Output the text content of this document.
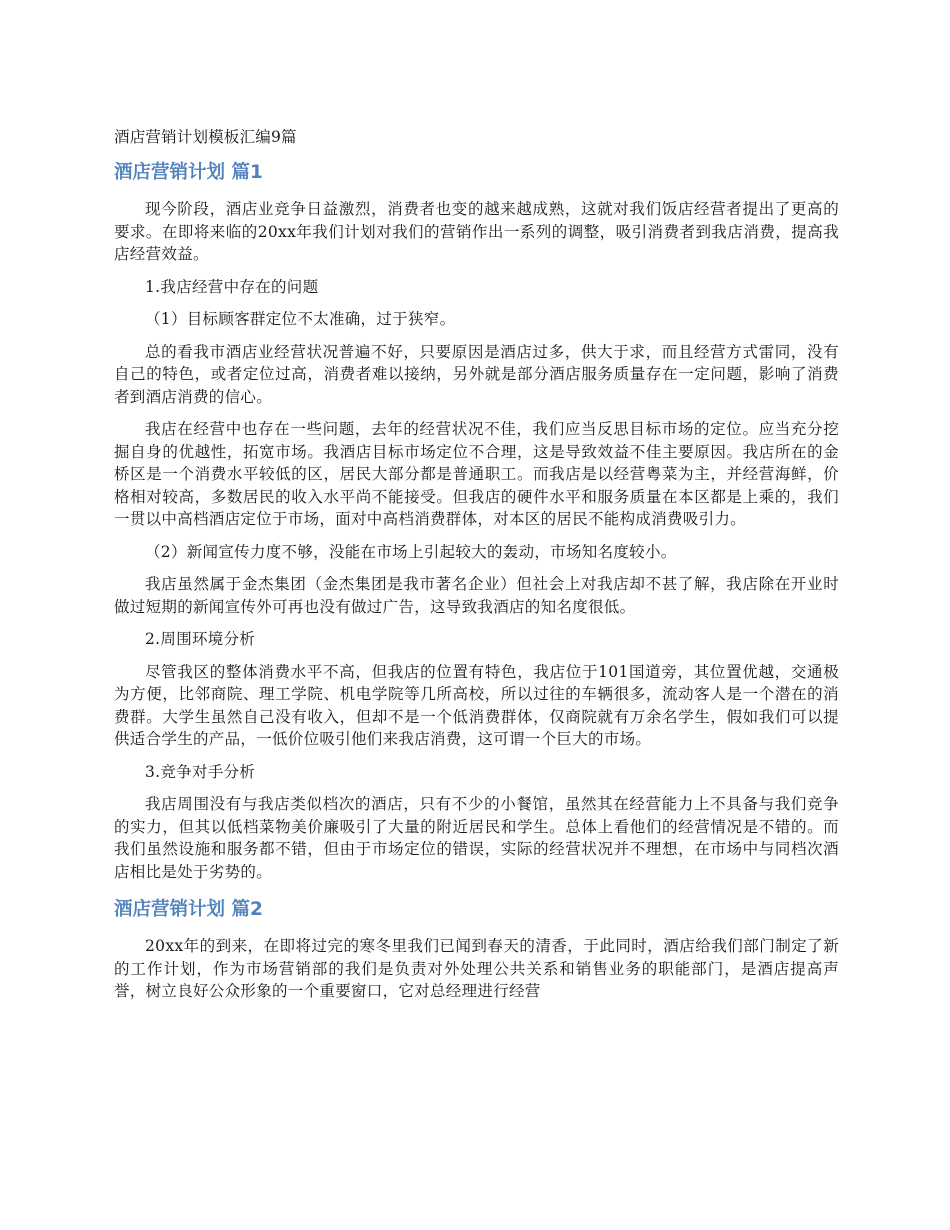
酒店营销计划模板汇编9篇
酒店营销计划 篇1

现今阶段，酒店业竞争日益激烈，消费者也变的越来越成熟，这就对我们饭店经营者提出了更高的要求。在即将来临的20xx年我们计划对我们的营销作出一系列的调整，吸引消费者到我店消费，提高我店经营效益。

1.我店经营中存在的问题

（1）目标顾客群定位不太准确，过于狭窄。

总的看我市酒店业经营状况普遍不好，只要原因是酒店过多，供大于求，而且经营方式雷同，没有自己的特色，或者定位过高，消费者难以接纳，另外就是部分酒店服务质量存在一定问题，影响了消费者到酒店消费的信心。

我店在经营中也存在一些问题，去年的经营状况不佳，我们应当反思目标市场的定位。应当充分挖掘自身的优越性，拓宽市场。我酒店目标市场定位不合理，这是导致效益不佳主要原因。我店所在的金桥区是一个消费水平较低的区，居民大部分都是普通职工。而我店是以经营粤菜为主，并经营海鲜，价格相对较高，多数居民的收入水平尚不能接受。但我店的硬件水平和服务质量在本区都是上乘的，我们一贯以中高档酒店定位于市场，面对中高档消费群体，对本区的居民不能构成消费吸引力。

（2）新闻宣传力度不够，没能在市场上引起较大的轰动，市场知名度较小。

我店虽然属于金杰集团（金杰集团是我市著名企业）但社会上对我店却不甚了解，我店除在开业时做过短期的新闻宣传外可再也没有做过广告，这导致我酒店的知名度很低。

2.周围环境分析

尽管我区的整体消费水平不高，但我店的位置有特色，我店位于101国道旁，其位置优越，交通极为方便，比邻商院、理工学院、机电学院等几所高校，所以过往的车辆很多，流动客人是一个潜在的消费群。大学生虽然自己没有收入，但却不是一个低消费群体，仅商院就有万余名学生，假如我们可以提供适合学生的产品，一低价位吸引他们来我店消费，这可谓一个巨大的市场。

3.竞争对手分析

我店周围没有与我店类似档次的酒店，只有不少的小餐馆，虽然其在经营能力上不具备与我们竞争的实力，但其以低档菜物美价廉吸引了大量的附近居民和学生。总体上看他们的经营情况是不错的。而我们虽然设施和服务都不错，但由于市场定位的错误，实际的经营状况并不理想，在市场中与同档次酒店相比是处于劣势的。

酒店营销计划 篇2

20xx年的到来，在即将过完的寒冬里我们已闻到春天的清香，于此同时，酒店给我们部门制定了新的工作计划，作为市场营销部的我们是负责对外处理公共关系和销售业务的职能部门，是酒店提高声誉，树立良好公众形象的一个重要窗口，它对总经理进行经营
